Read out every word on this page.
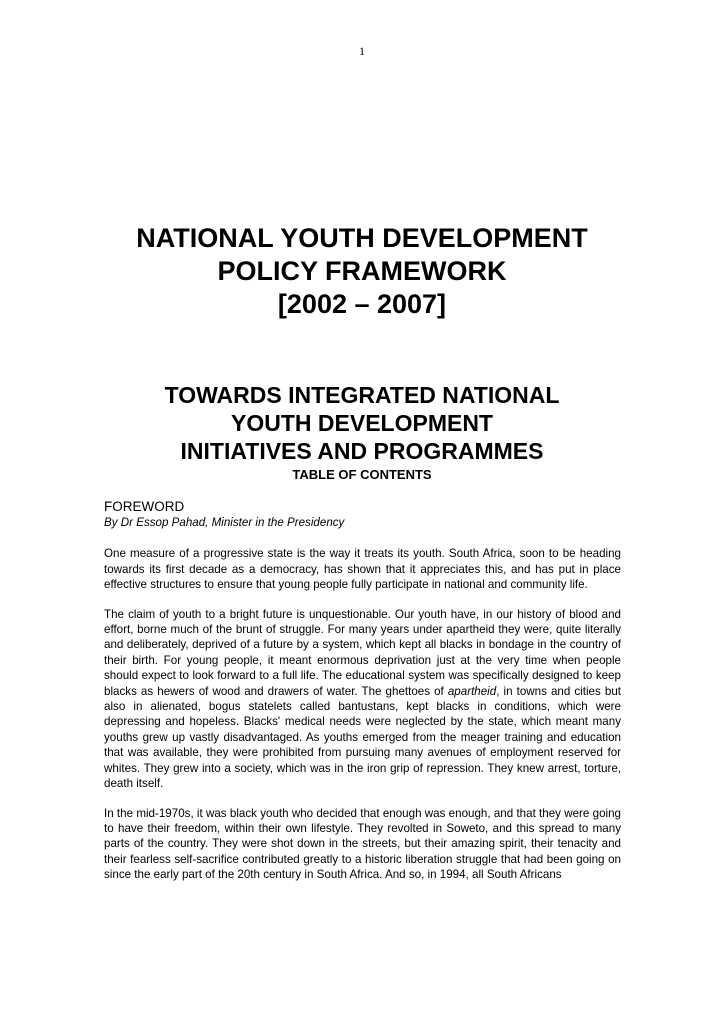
1
NATIONAL YOUTH DEVELOPMENT
POLICY FRAMEWORK
[2002 – 2007]
TOWARDS INTEGRATED NATIONAL
YOUTH DEVELOPMENT
INITIATIVES AND PROGRAMMES
TABLE OF CONTENTS
FOREWORD
By Dr Essop Pahad, Minister in the Presidency

One measure of a progressive state is the way it treats its youth. South Africa, soon to be heading towards its first decade as a democracy, has shown that it appreciates this, and has put in place effective structures to ensure that young people fully participate in national and community life.

The claim of youth to a bright future is unquestionable. Our youth have, in our history of blood and effort, borne much of the brunt of struggle. For many years under apartheid they were, quite literally and deliberately, deprived of a future by a system, which kept all blacks in bondage in the country of their birth. For young people, it meant enormous deprivation just at the very time when people should expect to look forward to a full life. The educational system was specifically designed to keep blacks as hewers of wood and drawers of water. The ghettoes of apartheid, in towns and cities but also in alienated, bogus statelets called bantustans, kept blacks in conditions, which were depressing and hopeless. Blacks' medical needs were neglected by the state, which meant many youths grew up vastly disadvantaged. As youths emerged from the meager training and education that was available, they were prohibited from pursuing many avenues of employment reserved for whites. They grew into a society, which was in the iron grip of repression. They knew arrest, torture, death itself.

In the mid-1970s, it was black youth who decided that enough was enough, and that they were going to have their freedom, within their own lifestyle. They revolted in Soweto, and this spread to many parts of the country. They were shot down in the streets, but their amazing spirit, their tenacity and their fearless self-sacrifice contributed greatly to a historic liberation struggle that had been going on since the early part of the 20th century in South Africa. And so, in 1994, all South Africans
